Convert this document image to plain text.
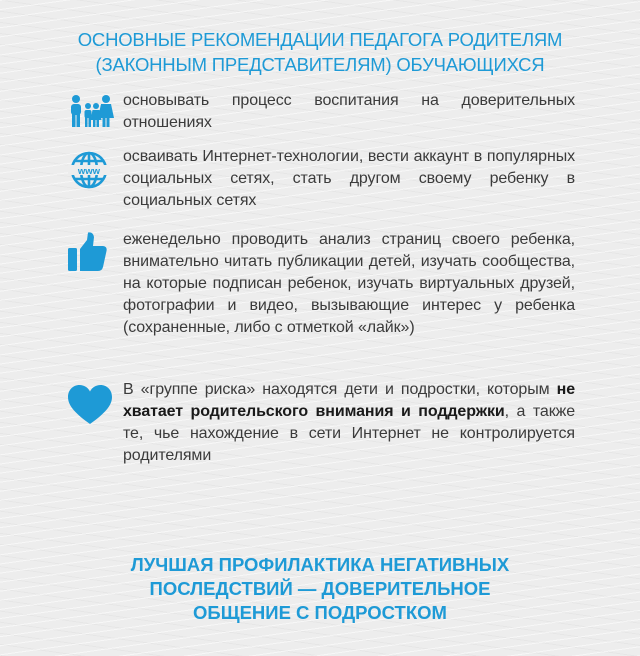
ОСНОВНЫЕ РЕКОМЕНДАЦИИ ПЕДАГОГА РОДИТЕЛЯМ
(ЗАКОННЫМ ПРЕДСТАВИТЕЛЯМ) ОБУЧАЮЩИХСЯ
основывать процесс воспитания на доверительных отношениях
www
осваивать Интернет-технологии, вести аккаунт в популярных социальных сетях, стать другом своему ребенку в социальных сетях
еженедельно проводить анализ страниц своего ребенка, внимательно читать публикации детей, изучать сообщества, на которые подписан ребенок, изучать виртуальных друзей, фотографии и видео, вызывающие интерес у ребенка (сохраненные, либо с отметкой «лайк»)
В «группе риска» находятся дети и подростки, которым не хватает родительского внимания и поддержки, а также те, чье нахождение в сети Интернет не контролируется родителями
ЛУЧШАЯ ПРОФИЛАКТИКА НЕГАТИВНЫХ
ПОСЛЕДСТВИЙ — ДОВЕРИТЕЛЬНОЕ
ОБЩЕНИЕ С ПОДРОСТКОМ
